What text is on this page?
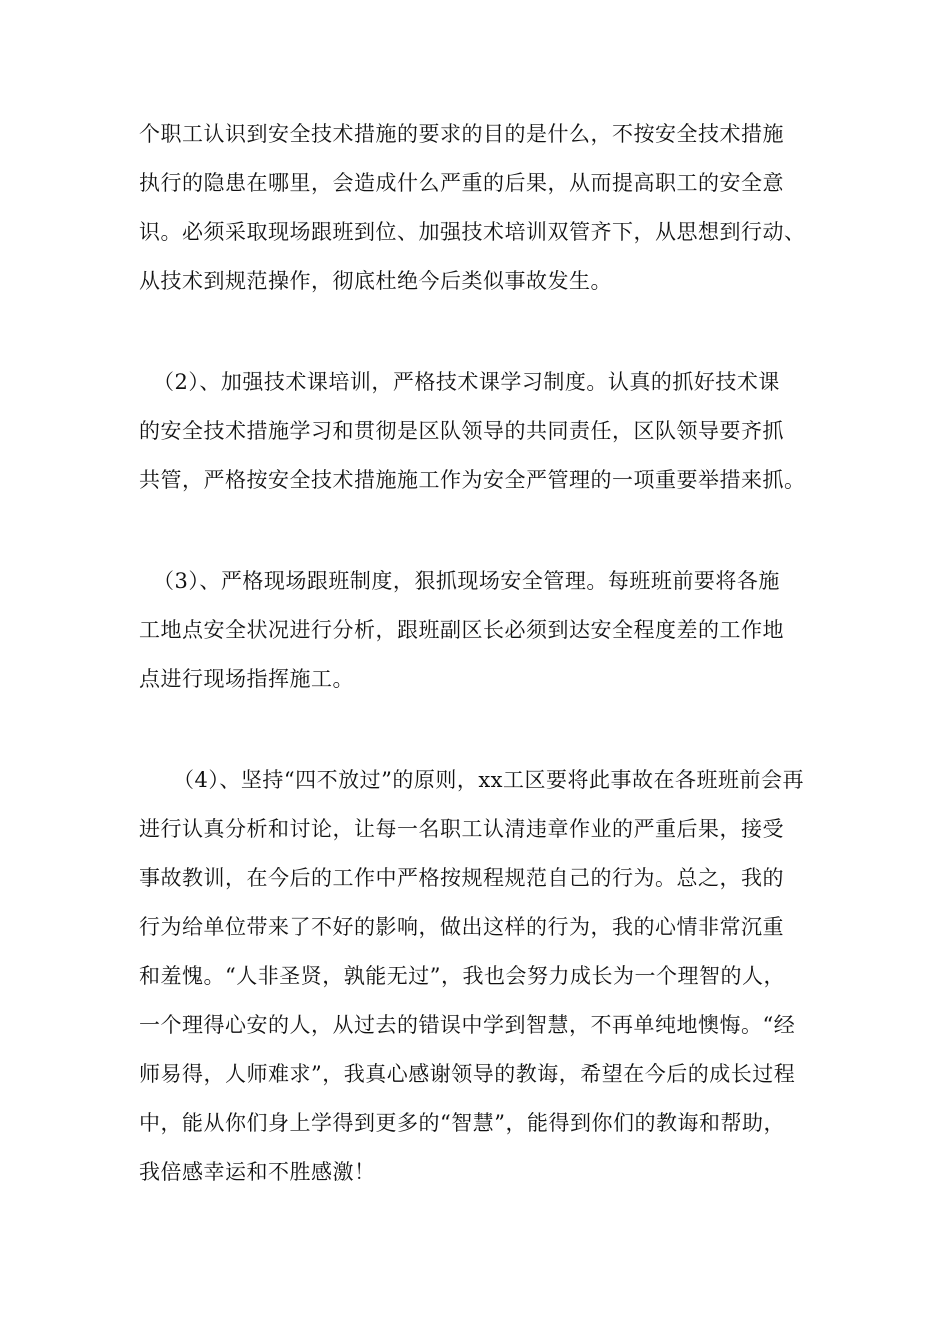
个职工认识到安全技术措施的要求的目的是什么，不按安全技术措施
执行的隐患在哪里，会造成什么严重的后果，从而提高职工的安全意
识。必须采取现场跟班到位、加强技术培训双管齐下，从思想到行动、
从技术到规范操作，彻底杜绝今后类似事故发生。
（2）、加强技术课培训，严格技术课学习制度。认真的抓好技术课
的安全技术措施学习和贯彻是区队领导的共同责任，区队领导要齐抓
共管，严格按安全技术措施施工作为安全严管理的一项重要举措来抓。
（3）、严格现场跟班制度，狠抓现场安全管理。每班班前要将各施
工地点安全状况进行分析，跟班副区长必须到达安全程度差的工作地
点进行现场指挥施工。
（4）、坚持“四不放过”的原则，xx工区要将此事故在各班班前会再
进行认真分析和讨论，让每一名职工认清违章作业的严重后果，接受
事故教训，在今后的工作中严格按规程规范自己的行为。总之，我的
行为给单位带来了不好的影响，做出这样的行为，我的心情非常沉重
和羞愧。“人非圣贤，孰能无过”，我也会努力成长为一个理智的人，
一个理得心安的人，从过去的错误中学到智慧，不再单纯地懊悔。“经
师易得，人师难求”，我真心感谢领导的教诲，希望在今后的成长过程
中，能从你们身上学得到更多的“智慧”，能得到你们的教诲和帮助，
我倍感幸运和不胜感激！
